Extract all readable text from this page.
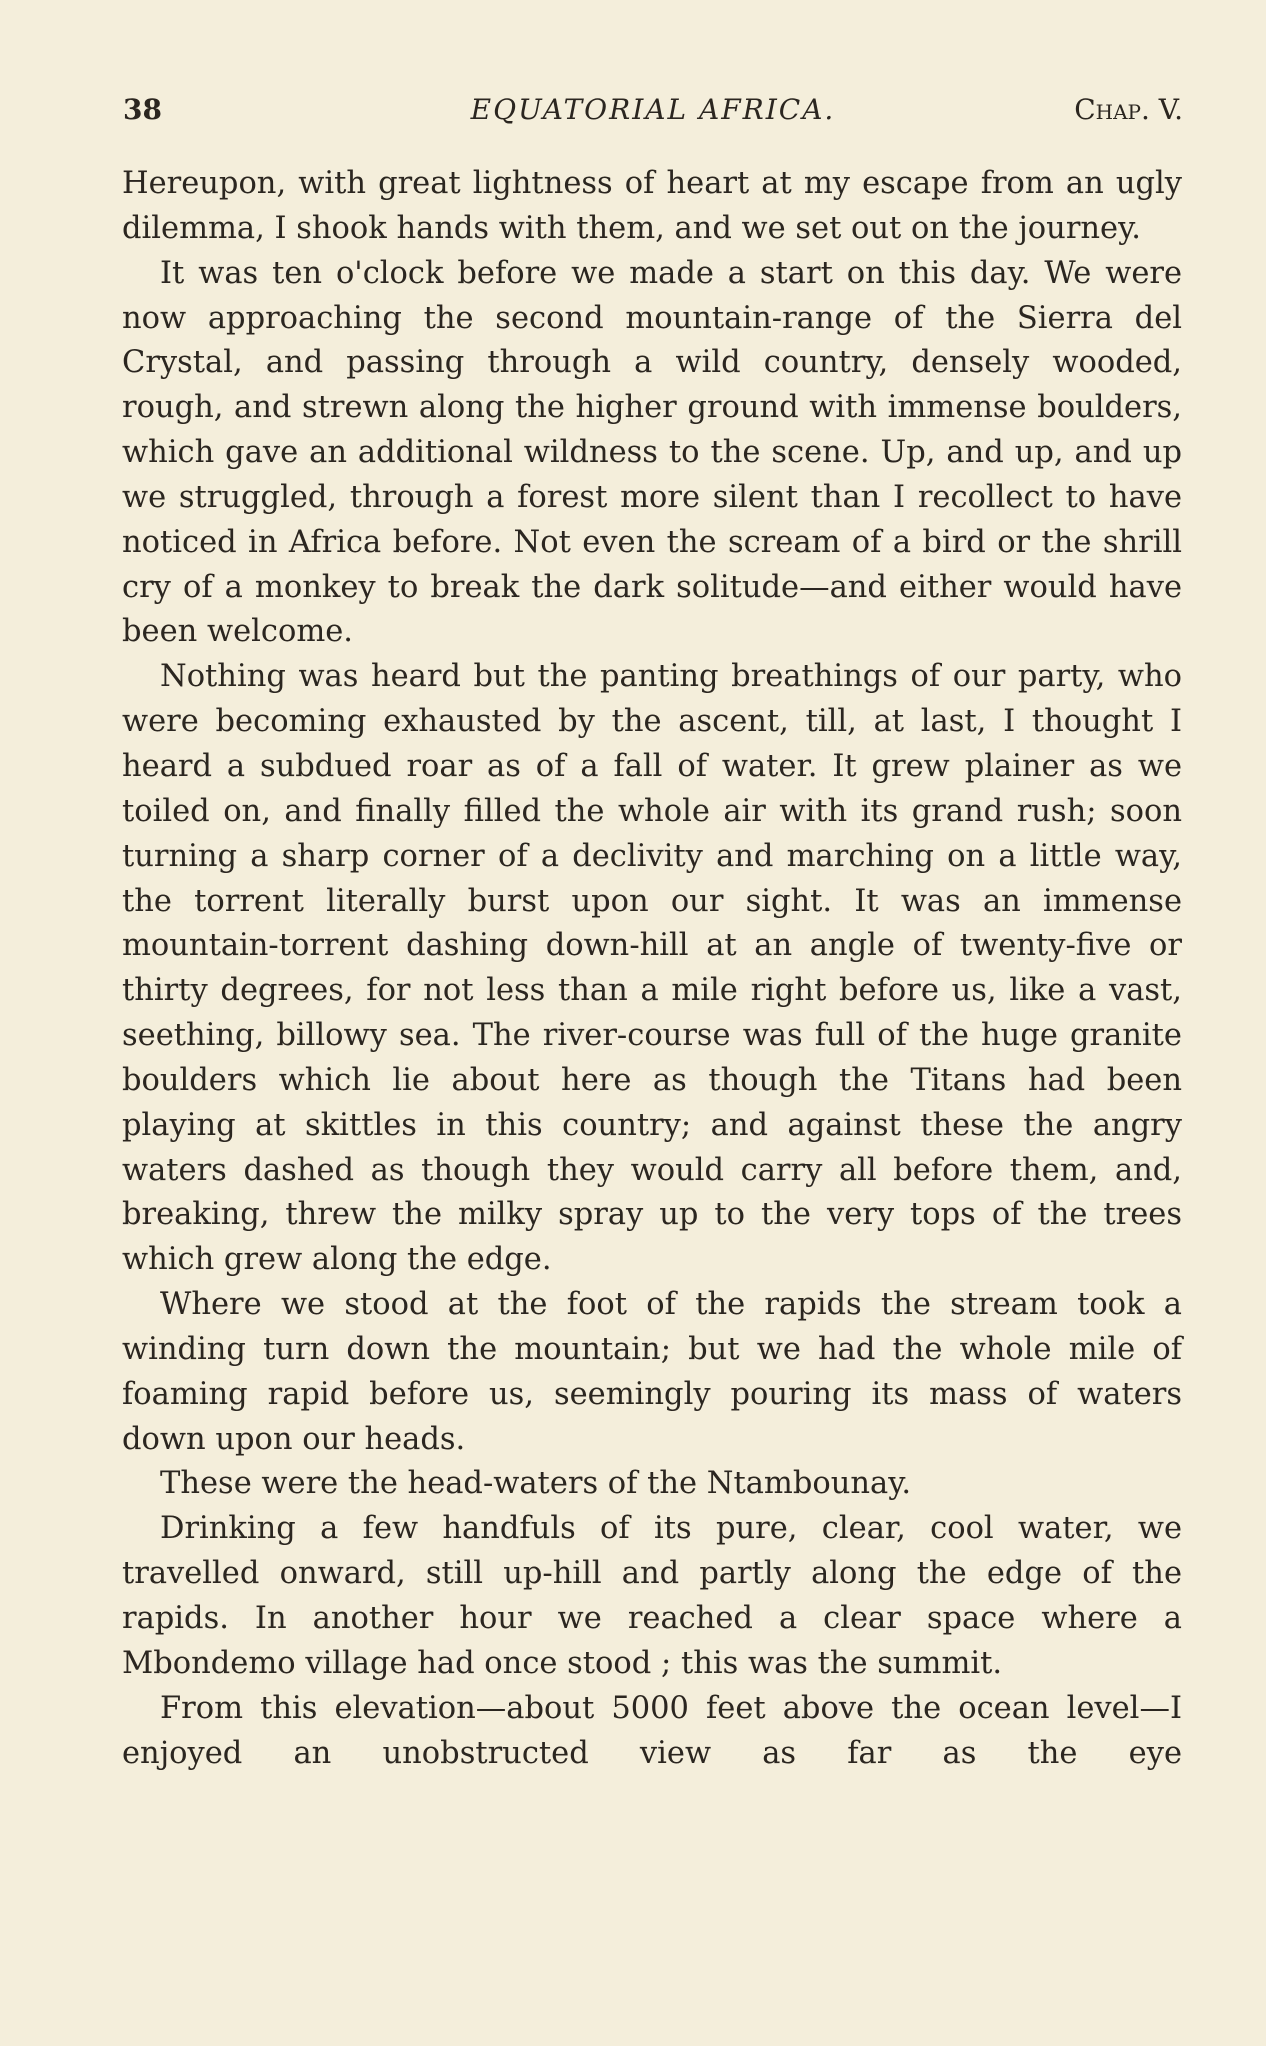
38	EQUATORIAL AFRICA.	Chap. V.

Hereupon, with great lightness of heart at my escape from an ugly dilemma, I shook hands with them, and we set out on the journey.

It was ten o'clock before we made a start on this day. We were now approaching the second mountain-range of the Sierra del Crystal, and passing through a wild country, densely wooded, rough, and strewn along the higher ground with immense boulders, which gave an additional wildness to the scene. Up, and up, and up we struggled, through a forest more silent than I recollect to have noticed in Africa before. Not even the scream of a bird or the shrill cry of a monkey to break the dark solitude—and either would have been welcome.

Nothing was heard but the panting breathings of our party, who were becoming exhausted by the ascent, till, at last, I thought I heard a subdued roar as of a fall of water. It grew plainer as we toiled on, and finally filled the whole air with its grand rush; soon turning a sharp corner of a declivity and marching on a little way, the torrent literally burst upon our sight. It was an immense mountain-torrent dashing down-hill at an angle of twenty-five or thirty degrees, for not less than a mile right before us, like a vast, seething, billowy sea. The river-course was full of the huge granite boulders which lie about here as though the Titans had been playing at skittles in this country; and against these the angry waters dashed as though they would carry all before them, and, breaking, threw the milky spray up to the very tops of the trees which grew along the edge.

Where we stood at the foot of the rapids the stream took a winding turn down the mountain; but we had the whole mile of foaming rapid before us, seemingly pouring its mass of waters down upon our heads.

These were the head-waters of the Ntambounay.

Drinking a few handfuls of its pure, clear, cool water, we travelled onward, still up-hill and partly along the edge of the rapids. In another hour we reached a clear space where a Mbondemo village had once stood ; this was the summit.

From this elevation—about 5000 feet above the ocean level—I enjoyed an unobstructed view as far as the eye
